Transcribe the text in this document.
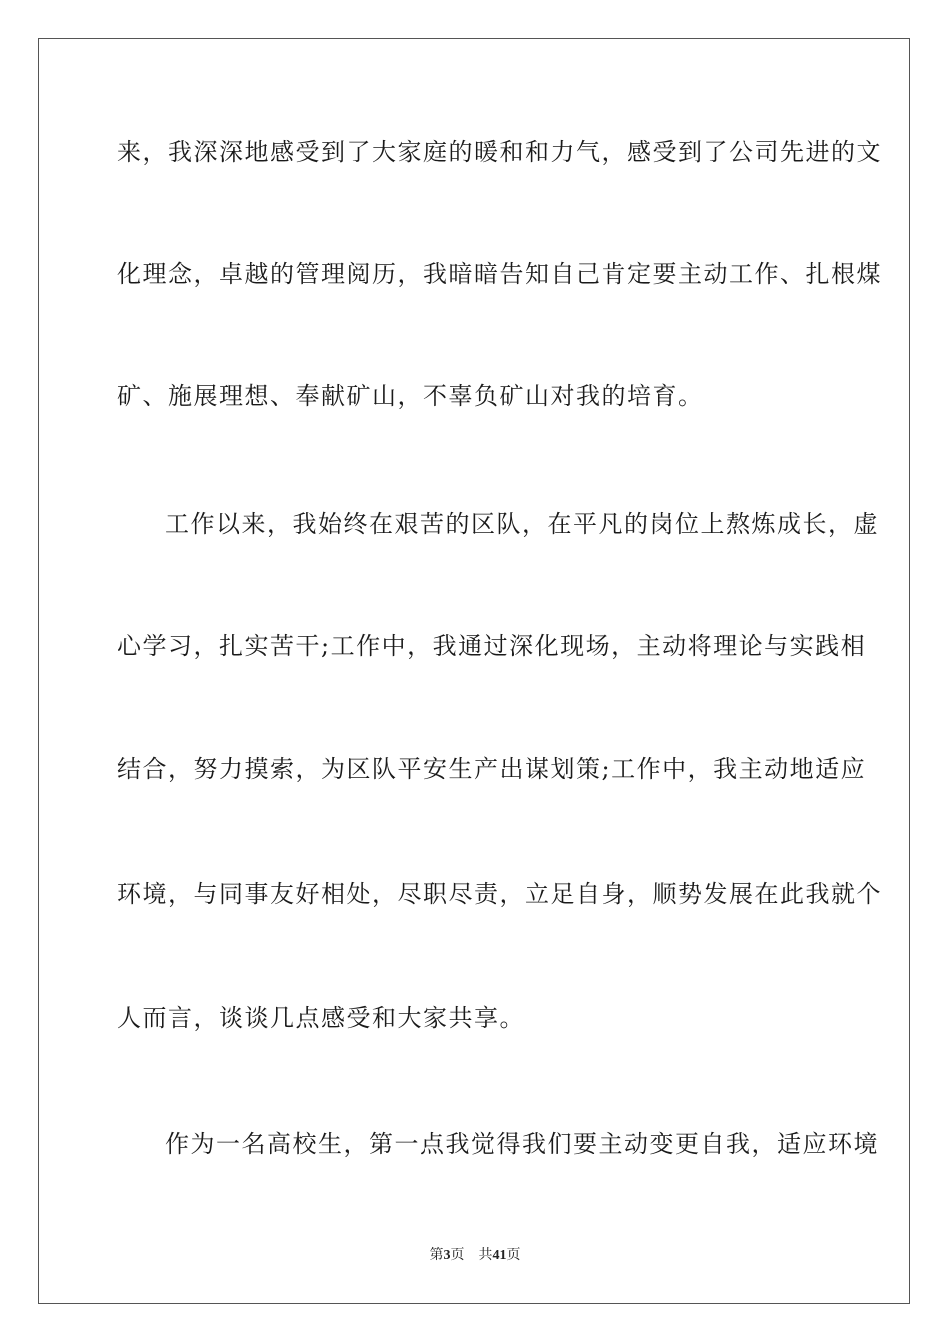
来，我深深地感受到了大家庭的暖和和力气，感受到了公司先进的文
化理念，卓越的管理阅历，我暗暗告知自己肯定要主动工作、扎根煤
矿、施展理想、奉献矿山，不辜负矿山对我的培育。
工作以来，我始终在艰苦的区队，在平凡的岗位上熬炼成长，虚
心学习，扎实苦干;工作中，我通过深化现场，主动将理论与实践相
结合，努力摸索，为区队平安生产出谋划策;工作中，我主动地适应
环境，与同事友好相处，尽职尽责，立足自身，顺势发展在此我就个
人而言，谈谈几点感受和大家共享。
作为一名高校生，第一点我觉得我们要主动变更自我，适应环境
第3页 共41页
